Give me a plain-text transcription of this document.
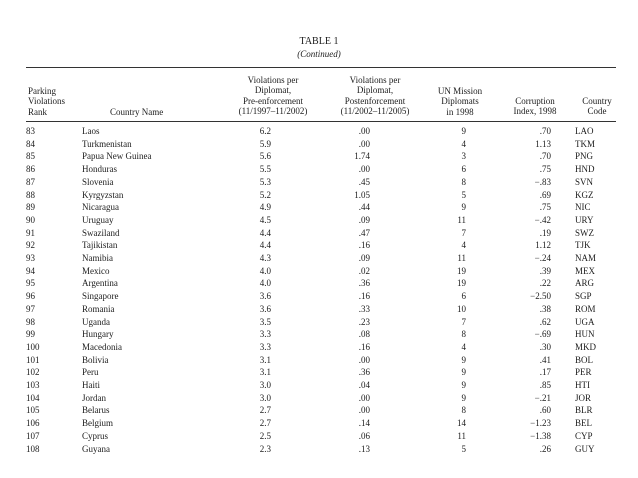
TABLE 1
(Continued)
Parking
Violations
Rank	Country Name
Violations per
Diplomat,
Pre-enforcement
(11/1997–11/2002)
Violations per
Diplomat,
Postenforcement
(11/2002–11/2005)
UN Mission
Diplomats
in 1998
Corruption
Index, 1998
Country
Code
83	Laos	6.2	.00	9	.70	LAO
84	Turkmenistan	5.9	.00	4	1.13	TKM
85	Papua New Guinea	5.6	1.74	3	.70	PNG
86	Honduras	5.5	.00	6	.75	HND
87	Slovenia	5.3	.45	8	−.83	SVN
88	Kyrgyzstan	5.2	1.05	5	.69	KGZ
89	Nicaragua	4.9	.44	9	.75	NIC
90	Uruguay	4.5	.09	11	−.42	URY
91	Swaziland	4.4	.47	7	.19	SWZ
92	Tajikistan	4.4	.16	4	1.12	TJK
93	Namibia	4.3	.09	11	−.24	NAM
94	Mexico	4.0	.02	19	.39	MEX
95	Argentina	4.0	.36	19	.22	ARG
96	Singapore	3.6	.16	6	−2.50	SGP
97	Romania	3.6	.33	10	.38	ROM
98	Uganda	3.5	.23	7	.62	UGA
99	Hungary	3.3	.08	8	−.69	HUN
100	Macedonia	3.3	.16	4	.30	MKD
101	Bolivia	3.1	.00	9	.41	BOL
102	Peru	3.1	.36	9	.17	PER
103	Haiti	3.0	.04	9	.85	HTI
104	Jordan	3.0	.00	9	−.21	JOR
105	Belarus	2.7	.00	8	.60	BLR
106	Belgium	2.7	.14	14	−1.23	BEL
107	Cyprus	2.5	.06	11	−1.38	CYP
108	Guyana	2.3	.13	5	.26	GUY
